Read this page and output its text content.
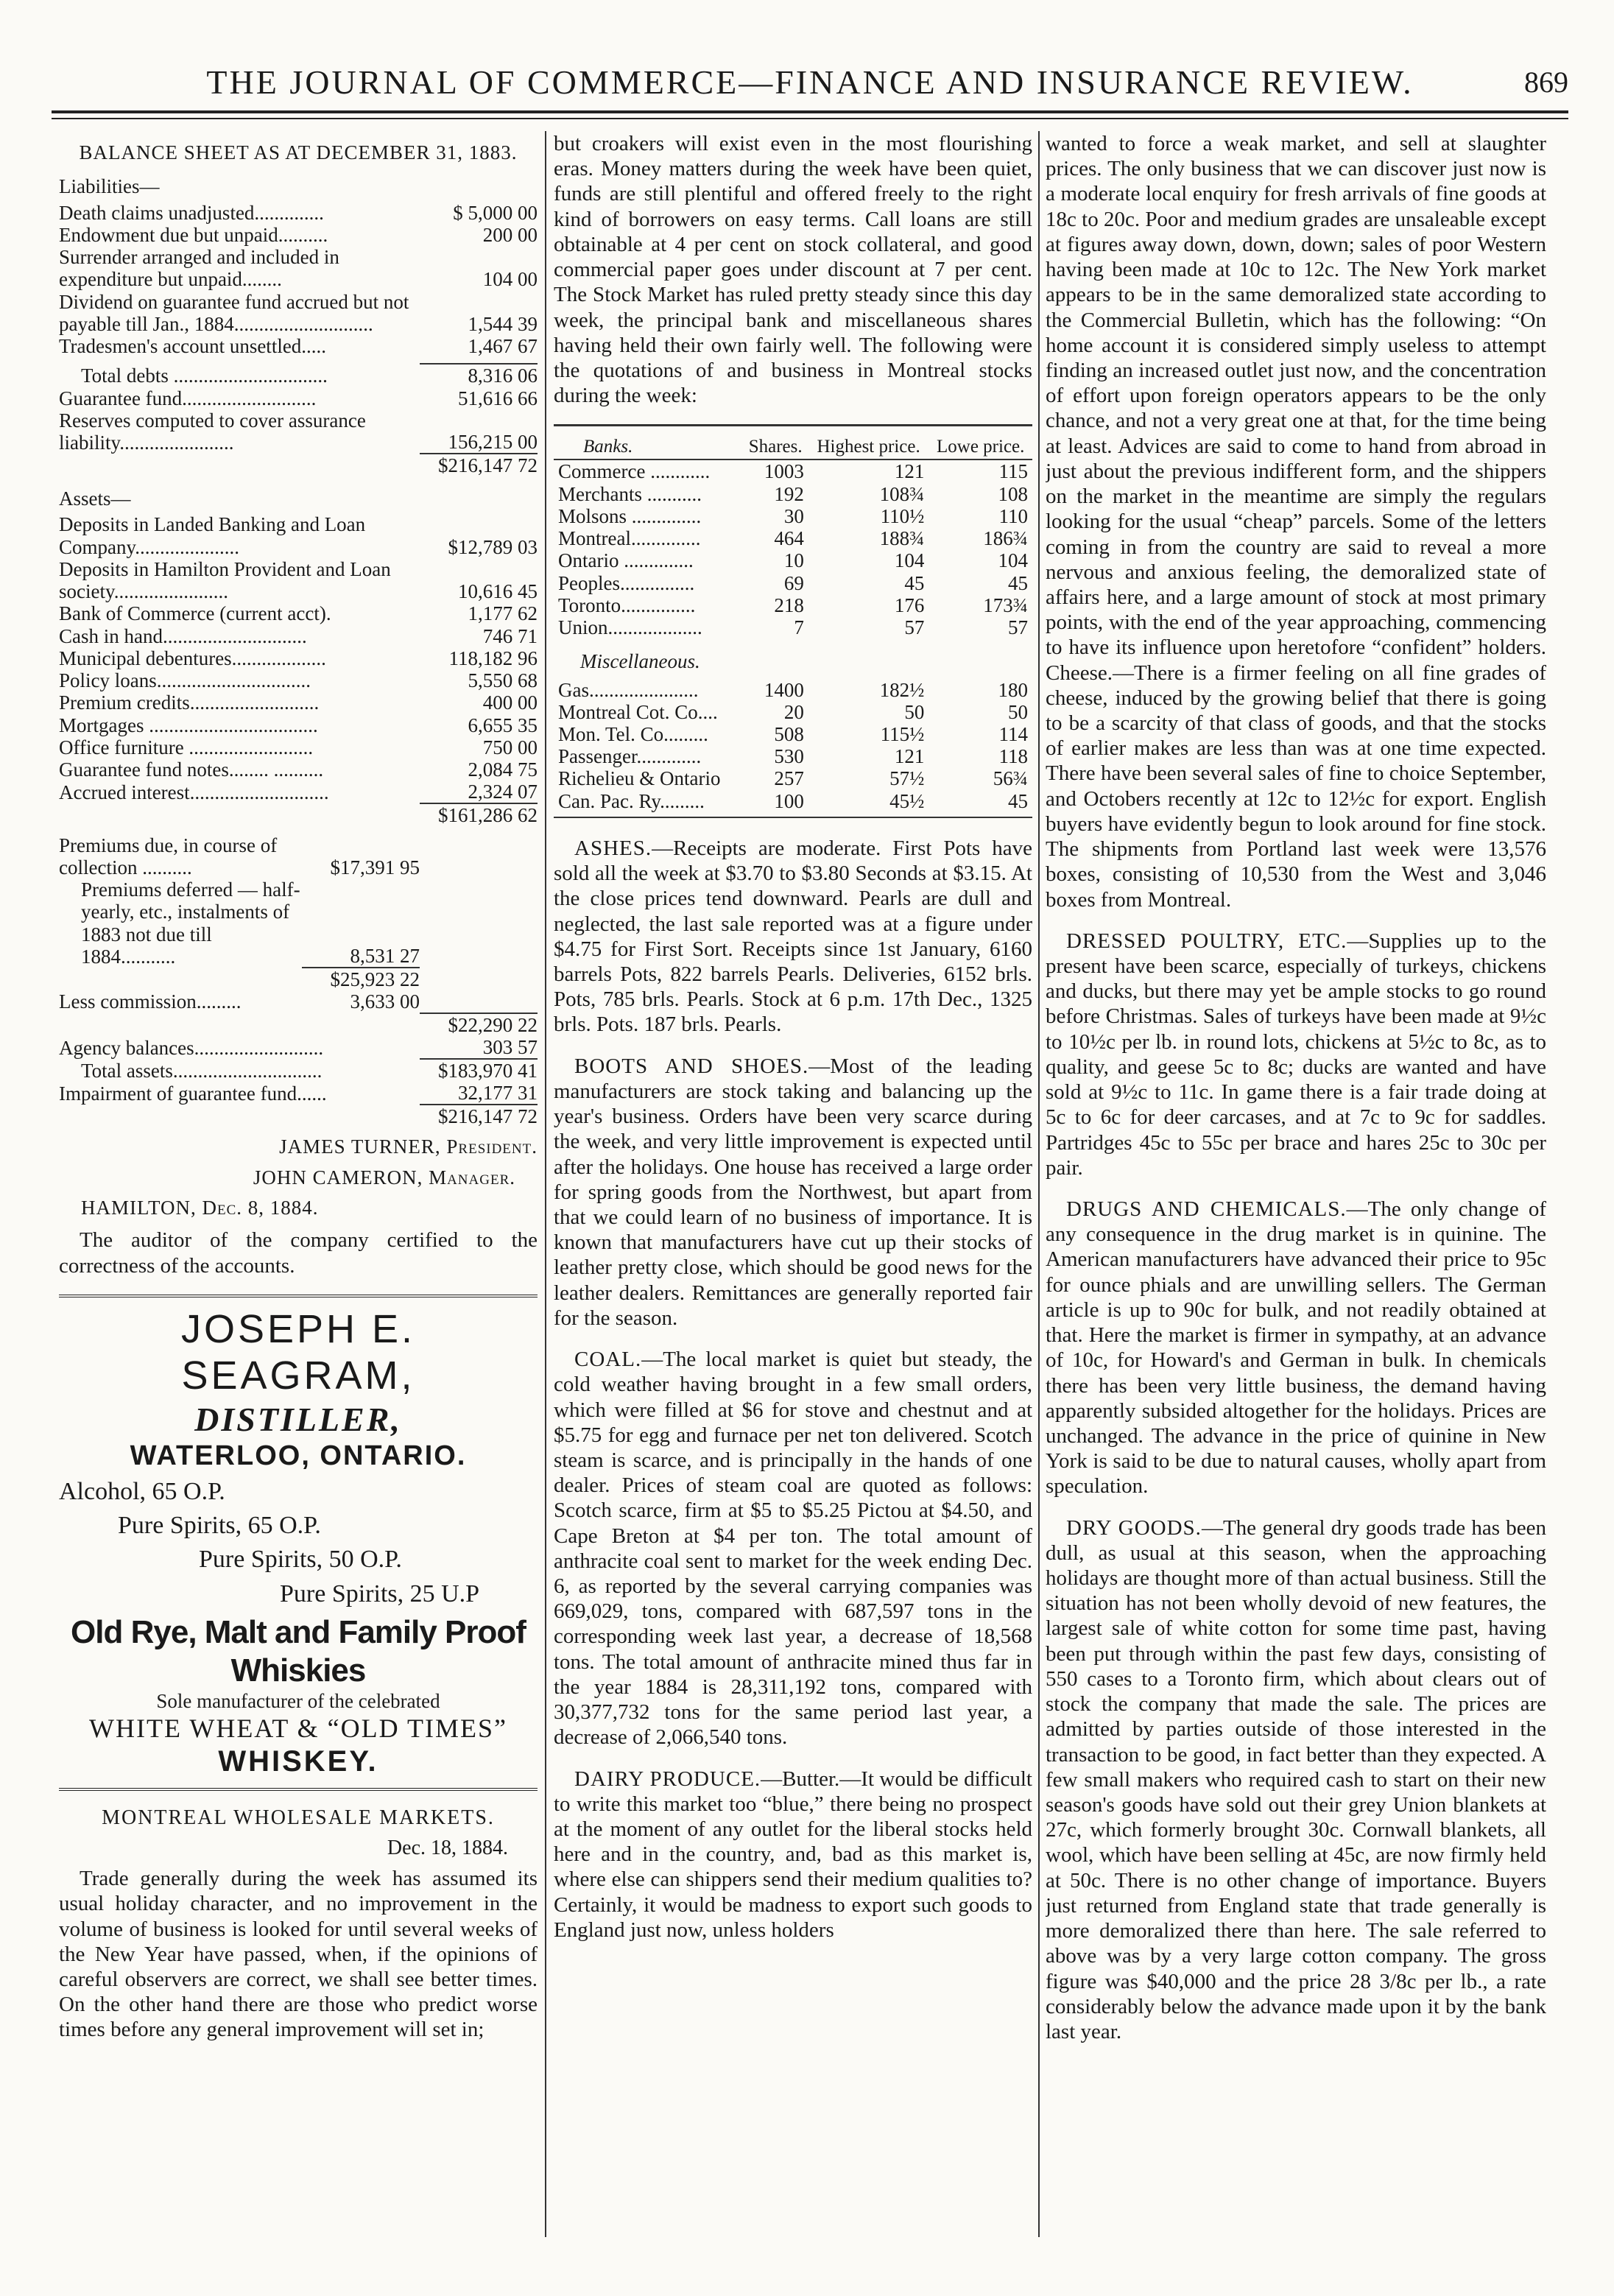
THE JOURNAL OF COMMERCE—FINANCE AND INSURANCE REVIEW.	869
BALANCE SHEET AS AT DECEMBER 31, 1883.
Liabilities—
Death claims unadjusted..............	$ 5,000 00
Endowment due but unpaid..........	200 00
Surrender arranged and included in expenditure but unpaid........	104 00
Dividend on guarantee fund accrued but not payable till Jan., 1884............................	1,544 39
Tradesmen's account unsettled.....	1,467 67
Total debts ...............................	8,316 06
Guarantee fund...........................	51,616 66
Reserves computed to cover assurance liability.......................	156,215 00
	$216,147 72
Assets—
Deposits in Landed Banking and Loan Company.....................	$12,789 03
Deposits in Hamilton Provident and Loan society.......................	10,616 45
Bank of Commerce (current acct).	1,177 62
Cash in hand.............................	746 71
Municipal debentures...................	118,182 96
Policy loans...............................	5,550 68
Premium credits..........................	400 00
Mortgages ..................................	6,655 35
Office furniture .........................	750 00
Guarantee fund notes........ ..........	2,084 75
Accrued interest............................	2,324 07
	$161,286 62
Premiums due, in course of collection ..........	$17,391 95	
Premiums deferred — half-yearly, etc., instalments of 1883 not due till 1884...........	8,531 27	
	$25,923 22	
Less commission.........	3,633 00	
		$22,290 22
Agency balances..........................		303 57
Total assets..............................		$183,970 41
Impairment of guarantee fund......		32,177 31
		$216,147 72
JAMES TURNER, President.
JOHN CAMERON, Manager.
HAMILTON, Dec. 8, 1884.

The auditor of the company certified to the correctness of the accounts.

JOSEPH E. SEAGRAM,
DISTILLER,
WATERLOO, ONTARIO.
Alcohol, 65 O.P.
Pure Spirits, 65 O.P.
Pure Spirits, 50 O.P.
Pure Spirits, 25 U.P
Old Rye, Malt and Family Proof Whiskies
Sole manufacturer of the celebrated
WHITE WHEAT & “OLD TIMES”
WHISKEY.
MONTREAL WHOLESALE MARKETS.
Dec. 18, 1884.

Trade generally during the week has assumed its usual holiday character, and no improvement in the volume of business is looked for until several weeks of the New Year have passed, when, if the opinions of careful observers are correct, we shall see better times. On the other hand there are those who predict worse times before any general improvement will set in;

but croakers will exist even in the most flourishing eras. Money matters during the week have been quiet, funds are still plentiful and offered freely to the right kind of borrowers on easy terms. Call loans are still obtainable at 4 per cent on stock collateral, and good commercial paper goes under discount at 7 per cent. The Stock Market has ruled pretty steady since this day week, the principal bank and miscellaneous shares having held their own fairly well. The following were the quotations of and business in Montreal stocks during the week:

Banks.	Shares.	Highest price.	Lowe price.
Commerce ............	1003	121	115
Merchants ...........	192	108¾	108
Molsons ..............	30	110½	110
Montreal..............	464	188¾	186¾
Ontario ..............	10	104	104
Peoples...............	69	45	45
Toronto...............	218	176	173¾
Union...................	7	57	57
Miscellaneous.			
Gas......................	1400	182½	180
Montreal Cot. Co....	20	50	50
Mon. Tel. Co.........	508	115½	114
Passenger.............	530	121	118
Richelieu & Ontario	257	57½	56¾
Can. Pac. Ry.........	100	45½	45

ASHES.—Receipts are moderate. First Pots have sold all the week at $3.70 to $3.80 Seconds at $3.15. At the close prices tend downward. Pearls are dull and neglected, the last sale reported was at a figure under $4.75 for First Sort. Receipts since 1st January, 6160 barrels Pots, 822 barrels Pearls. Deliveries, 6152 brls. Pots, 785 brls. Pearls. Stock at 6 p.m. 17th Dec., 1325 brls. Pots. 187 brls. Pearls.

BOOTS AND SHOES.—Most of the leading manufacturers are stock taking and balancing up the year's business. Orders have been very scarce during the week, and very little improvement is expected until after the holidays. One house has received a large order for spring goods from the Northwest, but apart from that we could learn of no business of importance. It is known that manufacturers have cut up their stocks of leather pretty close, which should be good news for the leather dealers. Remittances are generally reported fair for the season.

COAL.—The local market is quiet but steady, the cold weather having brought in a few small orders, which were filled at $6 for stove and chestnut and at $5.75 for egg and furnace per net ton delivered. Scotch steam is scarce, and is principally in the hands of one dealer. Prices of steam coal are quoted as follows: Scotch scarce, firm at $5 to $5.25 Pictou at $4.50, and Cape Breton at $4 per ton. The total amount of anthracite coal sent to market for the week ending Dec. 6, as reported by the several carrying companies was 669,029, tons, compared with 687,597 tons in the corresponding week last year, a decrease of 18,568 tons. The total amount of anthracite mined thus far in the year 1884 is 28,311,192 tons, compared with 30,377,732 tons for the same period last year, a decrease of 2,066,540 tons.

DAIRY PRODUCE.—Butter.—It would be difficult to write this market too “blue,” there being no prospect at the moment of any outlet for the liberal stocks held here and in the country, and, bad as this market is, where else can shippers send their medium qualities to? Certainly, it would be madness to export such goods to England just now, unless holders

wanted to force a weak market, and sell at slaughter prices. The only business that we can discover just now is a moderate local enquiry for fresh arrivals of fine goods at 18c to 20c. Poor and medium grades are unsaleable except at figures away down, down, down; sales of poor Western having been made at 10c to 12c. The New York market appears to be in the same demoralized state according to the Commercial Bulletin, which has the following: “On home account it is considered simply useless to attempt finding an increased outlet just now, and the concentration of effort upon foreign operators appears to be the only chance, and not a very great one at that, for the time being at least. Advices are said to come to hand from abroad in just about the previous indifferent form, and the shippers on the market in the meantime are simply the regulars looking for the usual “cheap” parcels. Some of the letters coming in from the country are said to reveal a more nervous and anxious feeling, the demoralized state of affairs here, and a large amount of stock at most primary points, with the end of the year approaching, commencing to have its influence upon heretofore “confident” holders. Cheese.—There is a firmer feeling on all fine grades of cheese, induced by the growing belief that there is going to be a scarcity of that class of goods, and that the stocks of earlier makes are less than was at one time expected. There have been several sales of fine to choice September, and Octobers recently at 12c to 12½c for export. English buyers have evidently begun to look around for fine stock. The shipments from Portland last week were 13,576 boxes, consisting of 10,530 from the West and 3,046 boxes from Montreal.

DRESSED POULTRY, ETC.—Supplies up to the present have been scarce, especially of turkeys, chickens and ducks, but there may yet be ample stocks to go round before Christmas. Sales of turkeys have been made at 9½c to 10½c per lb. in round lots, chickens at 5½c to 8c, as to quality, and geese 5c to 8c; ducks are wanted and have sold at 9½c to 11c. In game there is a fair trade doing at 5c to 6c for deer carcases, and at 7c to 9c for saddles. Partridges 45c to 55c per brace and hares 25c to 30c per pair.

DRUGS AND CHEMICALS.—The only change of any consequence in the drug market is in quinine. The American manufacturers have advanced their price to 95c for ounce phials and are unwilling sellers. The German article is up to 90c for bulk, and not readily obtained at that. Here the market is firmer in sympathy, at an advance of 10c, for Howard's and German in bulk. In chemicals there has been very little business, the demand having apparently subsided altogether for the holidays. Prices are unchanged. The advance in the price of quinine in New York is said to be due to natural causes, wholly apart from speculation.

DRY GOODS.—The general dry goods trade has been dull, as usual at this season, when the approaching holidays are thought more of than actual business. Still the situation has not been wholly devoid of new features, the largest sale of white cotton for some time past, having been put through within the past few days, consisting of 550 cases to a Toronto firm, which about clears out of stock the company that made the sale. The prices are admitted by parties outside of those interested in the transaction to be good, in fact better than they expected. A few small makers who required cash to start on their new season's goods have sold out their grey Union blankets at 27c, which formerly brought 30c. Cornwall blankets, all wool, which have been selling at 45c, are now firmly held at 50c. There is no other change of importance. Buyers just returned from England state that trade generally is more demoralized there than here. The sale referred to above was by a very large cotton company. The gross figure was $40,000 and the price 28 3/8c per lb., a rate considerably below the advance made upon it by the bank last year.
